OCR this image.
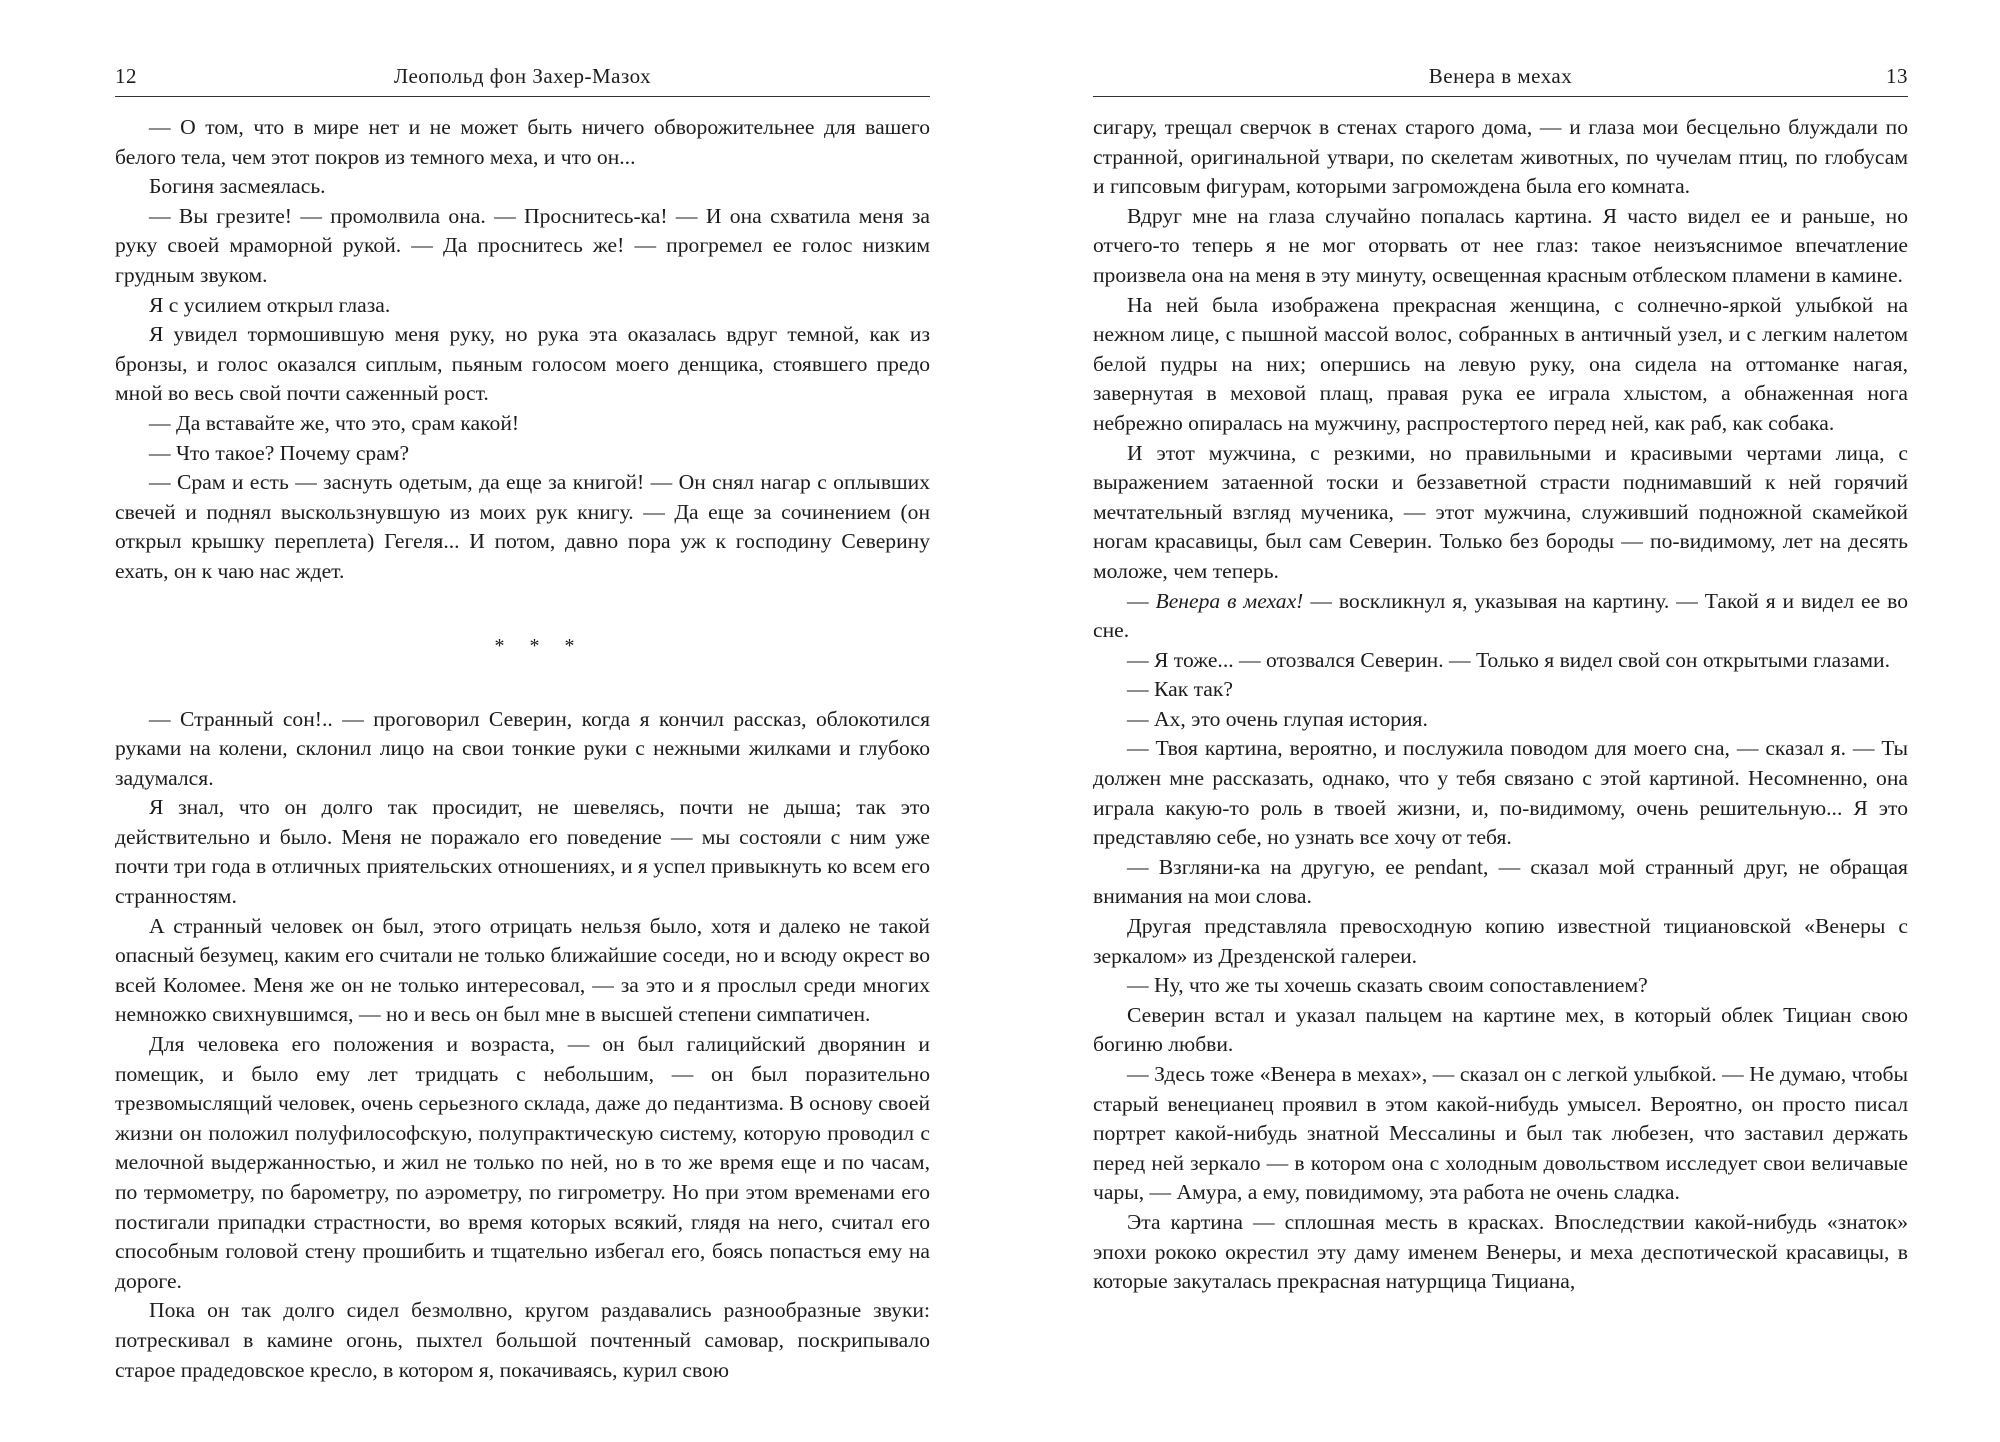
12	Леопольд фон Захер-Мазох

— О том, что в мире нет и не может быть ничего обворожительнее для вашего белого тела, чем этот покров из темного меха, и что он...

Богиня засмеялась.

— Вы грезите! — промолвила она. — Проснитесь-ка! — И она схватила меня за руку своей мраморной рукой. — Да проснитесь же! — прогремел ее голос низким грудным звуком.

Я с усилием открыл глаза.

Я увидел тормошившую меня руку, но рука эта оказалась вдруг темной, как из бронзы, и голос оказался сиплым, пьяным голосом моего денщика, стоявшего предо мной во весь свой почти саженный рост.

— Да вставайте же, что это, срам какой!

— Что такое? Почему срам?

— Срам и есть — заснуть одетым, да еще за книгой! — Он снял нагар с оплывших свечей и поднял выскользнувшую из моих рук книгу. — Да еще за сочинением (он открыл крышку переплета) Гегеля... И потом, давно пора уж к господину Северину ехать, он к чаю нас ждет.

* * *

— Странный сон!.. — проговорил Северин, когда я кончил рассказ, облокотился руками на колени, склонил лицо на свои тонкие руки с нежными жилками и глубоко задумался.

Я знал, что он долго так просидит, не шевелясь, почти не дыша; так это действительно и было. Меня не поражало его поведение — мы состояли с ним уже почти три года в отличных приятельских отношениях, и я успел привыкнуть ко всем его странностям.

А странный человек он был, этого отрицать нельзя было, хотя и далеко не такой опасный безумец, каким его считали не только ближайшие соседи, но и всюду окрест во всей Коломее. Меня же он не только интересовал, — за это и я прослыл среди многих немножко свихнувшимся, — но и весь он был мне в высшей степени симпатичен.

Для человека его положения и возраста, — он был галицийский дворянин и помещик, и было ему лет тридцать с небольшим, — он был поразительно трезвомыслящий человек, очень серьезного склада, даже до педантизма. В основу своей жизни он положил полуфилософскую, полупрактическую систему, которую проводил с мелочной выдержанностью, и жил не только по ней, но в то же время еще и по часам, по термометру, по барометру, по аэрометру, по гигрометру. Но при этом временами его постигали припадки страстности, во время которых всякий, глядя на него, считал его способным головой стену прошибить и тщательно избегал его, боясь попасться ему на дороге.

Пока он так долго сидел безмолвно, кругом раздавались разнообразные звуки: потрескивал в камине огонь, пыхтел большой почтенный самовар, поскрипывало старое прадедовское кресло, в котором я, покачиваясь, курил свою

Венера в мехах	13

сигару, трещал сверчок в стенах старого дома, — и глаза мои бесцельно блуждали по странной, оригинальной утвари, по скелетам животных, по чучелам птиц, по глобусам и гипсовым фигурам, которыми загромождена была его комната.

Вдруг мне на глаза случайно попалась картина. Я часто видел ее и раньше, но отчего-то теперь я не мог оторвать от нее глаз: такое неизъяснимое впечатление произвела она на меня в эту минуту, освещенная красным отблеском пламени в камине.

На ней была изображена прекрасная женщина, с солнечно-яркой улыбкой на нежном лице, с пышной массой волос, собранных в античный узел, и с легким налетом белой пудры на них; опершись на левую руку, она сидела на оттоманке нагая, завернутая в меховой плащ, правая рука ее играла хлыстом, а обнаженная нога небрежно опиралась на мужчину, распростертого перед ней, как раб, как собака.

И этот мужчина, с резкими, но правильными и красивыми чертами лица, с выражением затаенной тоски и беззаветной страсти поднимавший к ней горячий мечтательный взгляд мученика, — этот мужчина, служивший подножной скамейкой ногам красавицы, был сам Северин. Только без бороды — по-видимому, лет на десять моложе, чем теперь.

— Венера в мехах! — воскликнул я, указывая на картину. — Такой я и видел ее во сне.

— Я тоже... — отозвался Северин. — Только я видел свой сон открытыми глазами.

— Как так?

— Ах, это очень глупая история.

— Твоя картина, вероятно, и послужила поводом для моего сна, — сказал я. — Ты должен мне рассказать, однако, что у тебя связано с этой картиной. Несомненно, она играла какую-то роль в твоей жизни, и, по-видимому, очень решительную... Я это представляю себе, но узнать все хочу от тебя.

— Взгляни-ка на другую, ее pendant, — сказал мой странный друг, не обращая внимания на мои слова.

Другая представляла превосходную копию известной тициановской «Венеры с зеркалом» из Дрезденской галереи.

— Ну, что же ты хочешь сказать своим сопоставлением?

Северин встал и указал пальцем на картине мех, в который облек Тициан свою богиню любви.

— Здесь тоже «Венера в мехах», — сказал он с легкой улыбкой. — Не думаю, чтобы старый венецианец проявил в этом какой-нибудь умысел. Вероятно, он просто писал портрет какой-нибудь знатной Мессалины и был так любезен, что заставил держать перед ней зеркало — в котором она с холодным довольством исследует свои величавые чары, — Амура, а ему, повидимому, эта работа не очень сладка.

Эта картина — сплошная месть в красках. Впоследствии какой-нибудь «знаток» эпохи рококо окрестил эту даму именем Венеры, и меха деспотической красавицы, в которые закуталась прекрасная натурщица Тициана,
